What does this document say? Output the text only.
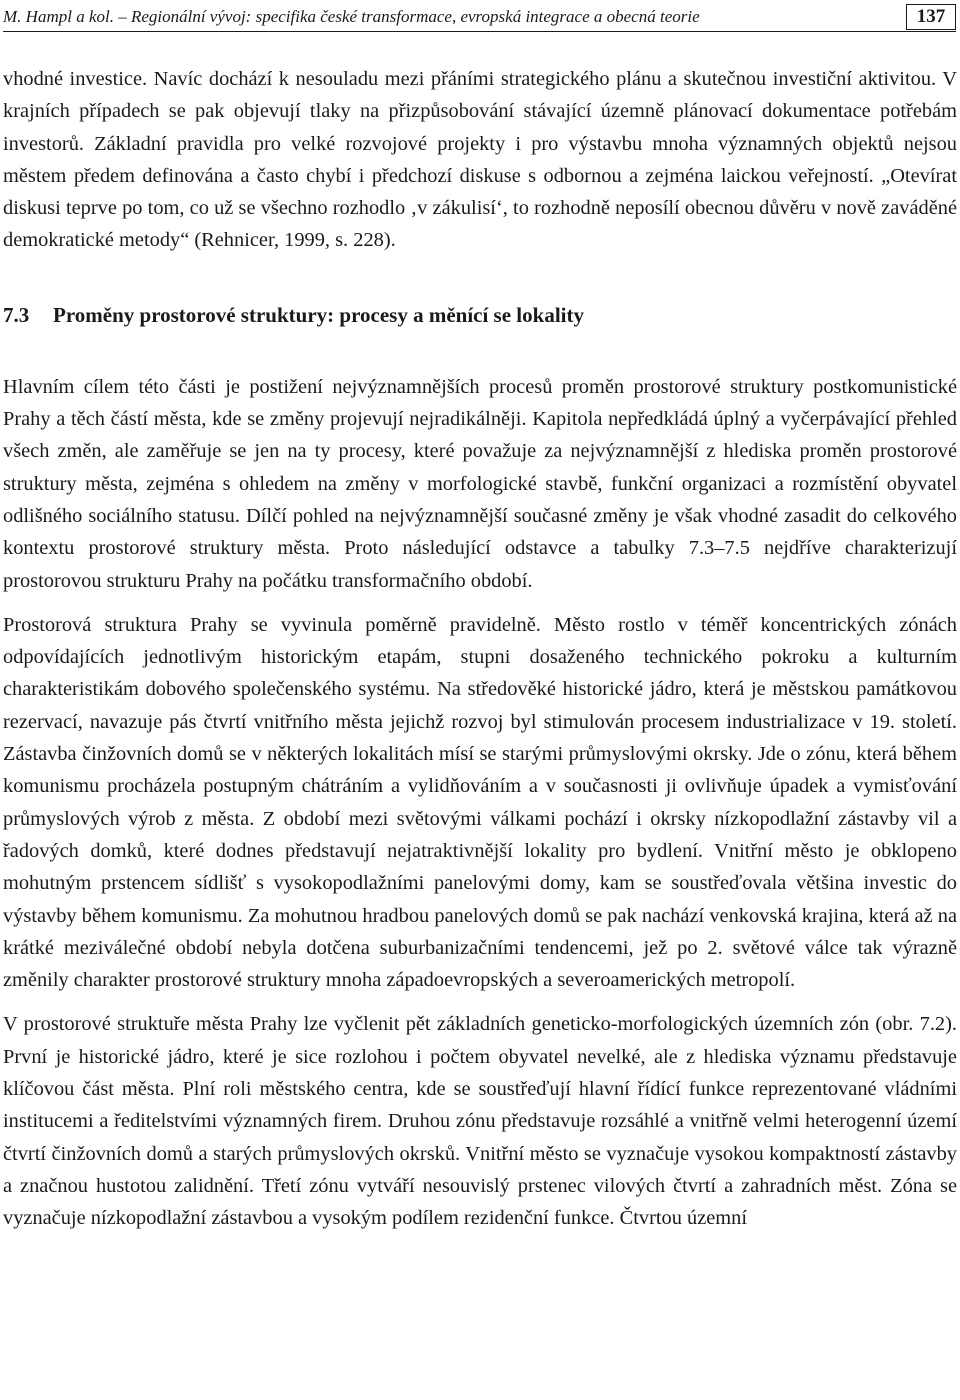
M. Hampl a kol. – Regionální vývoj: specifika české transformace, evropská integrace a obecná teorie	137

vhodné investice. Navíc dochází k nesouladu mezi přáními strategického plánu a skutečnou investiční aktivitou. V krajních případech se pak objevují tlaky na přizpůsobování stávající územně plánovací dokumentace potřebám investorů. Základní pravidla pro velké rozvojové projekty i pro výstavbu mnoha významných objektů nejsou městem předem definována a často chybí i předchozí diskuse s odbornou a zejména laickou veřejností. „Otevírat diskusi teprve po tom, co už se všechno rozhodlo ‚v zákulisí‘, to rozhodně neposílí obecnou důvěru v nově zaváděné demokratické metody“ (Rehnicer, 1999, s. 228).

7.3 Proměny prostorové struktury: procesy a měnící se lokality

Hlavním cílem této části je postižení nejvýznamnějších procesů proměn prostorové struktury postkomunistické Prahy a těch částí města, kde se změny projevují nejradikálněji. Kapitola nepředkládá úplný a vyčerpávající přehled všech změn, ale zaměřuje se jen na ty procesy, které považuje za nejvýznamnější z hlediska proměn prostorové struktury města, zejména s ohledem na změny v morfologické stavbě, funkční organizaci a rozmístění obyvatel odlišného sociálního statusu. Dílčí pohled na nejvýznamnější současné změny je však vhodné zasadit do celkového kontextu prostorové struktury města. Proto následující odstavce a tabulky 7.3–7.5 nejdříve charakterizují prostorovou strukturu Prahy na počátku transformačního období.

Prostorová struktura Prahy se vyvinula poměrně pravidelně. Město rostlo v téměř koncentrických zónách odpovídajících jednotlivým historickým etapám, stupni dosaženého technického pokroku a kulturním charakteristikám dobového společenského systému. Na středověké historické jádro, která je městskou památkovou rezervací, navazuje pás čtvrtí vnitřního města jejichž rozvoj byl stimulován procesem industrializace v 19. století. Zástavba činžovních domů se v některých lokalitách mísí se starými průmyslovými okrsky. Jde o zónu, která během komunismu procházela postupným chátráním a vylidňováním a v současnosti ji ovlivňuje úpadek a vymisťování průmyslových výrob z města. Z období mezi světovými válkami pochází i okrsky nízkopodlažní zástavby vil a řadových domků, které dodnes představují nejatraktivnější lokality pro bydlení. Vnitřní město je obklopeno mohutným prstencem sídlišť s vysokopodlažními panelovými domy, kam se soustřeďovala většina investic do výstavby během komunismu. Za mohutnou hradbou panelových domů se pak nachází venkovská krajina, která až na krátké meziválečné období nebyla dotčena suburbanizačními tendencemi, jež po 2. světové válce tak výrazně změnily charakter prostorové struktury mnoha západoevropských a severoamerických metropolí.

V prostorové struktuře města Prahy lze vyčlenit pět základních geneticko-morfologických územních zón (obr. 7.2). První je historické jádro, které je sice rozlohou i počtem obyvatel nevelké, ale z hlediska významu představuje klíčovou část města. Plní roli městského centra, kde se soustřeďují hlavní řídící funkce reprezentované vládními institucemi a ředitelstvími významných firem. Druhou zónu představuje rozsáhlé a vnitřně velmi heterogenní území čtvrtí činžovních domů a starých průmyslových okrsků. Vnitřní město se vyznačuje vysokou kompaktností zástavby a značnou hustotou zalidnění. Třetí zónu vytváří nesouvislý prstenec vilových čtvrtí a zahradních měst. Zóna se vyznačuje nízkopodlažní zástavbou a vysokým podílem rezidenční funkce. Čtvrtou územní
